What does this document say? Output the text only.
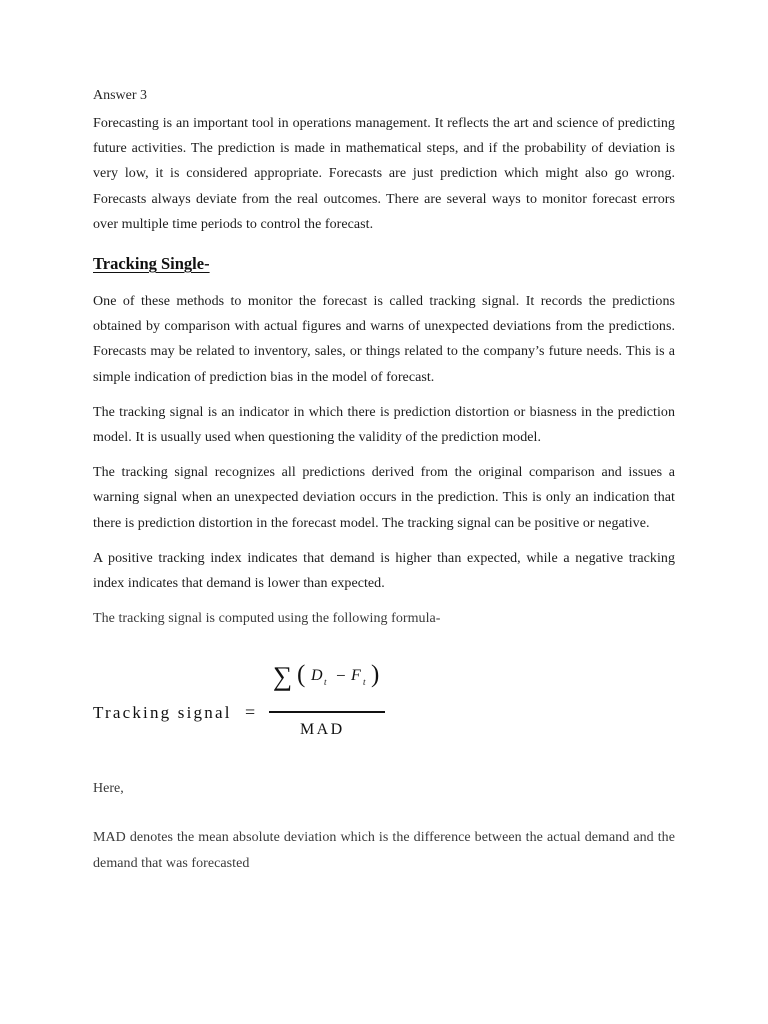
Answer 3

Forecasting is an important tool in operations management. It reflects the art and science of predicting future activities. The prediction is made in mathematical steps, and if the probability of deviation is very low, it is considered appropriate. Forecasts are just prediction which might also go wrong. Forecasts always deviate from the real outcomes. There are several ways to monitor forecast errors over multiple time periods to control the forecast.

Tracking Single-

One of these methods to monitor the forecast is called tracking signal. It records the predictions obtained by comparison with actual figures and warns of unexpected deviations from the predictions. Forecasts may be related to inventory, sales, or things related to the company’s future needs. This is a simple indication of prediction bias in the model of forecast.

The tracking signal is an indicator in which there is prediction distortion or biasness in the prediction model. It is usually used when questioning the validity of the prediction model.

The tracking signal recognizes all predictions derived from the original comparison and issues a warning signal when an unexpected deviation occurs in the prediction. This is only an indication that there is prediction distortion in the forecast model. The tracking signal can be positive or negative.

A positive tracking index indicates that demand is higher than expected, while a negative tracking index indicates that demand is lower than expected.

The tracking signal is computed using the following formula-

Tracking signal =
∑ ( D t − F t )
MAD
Here,

MAD denotes the mean absolute deviation which is the difference between the actual demand and the demand that was forecasted
